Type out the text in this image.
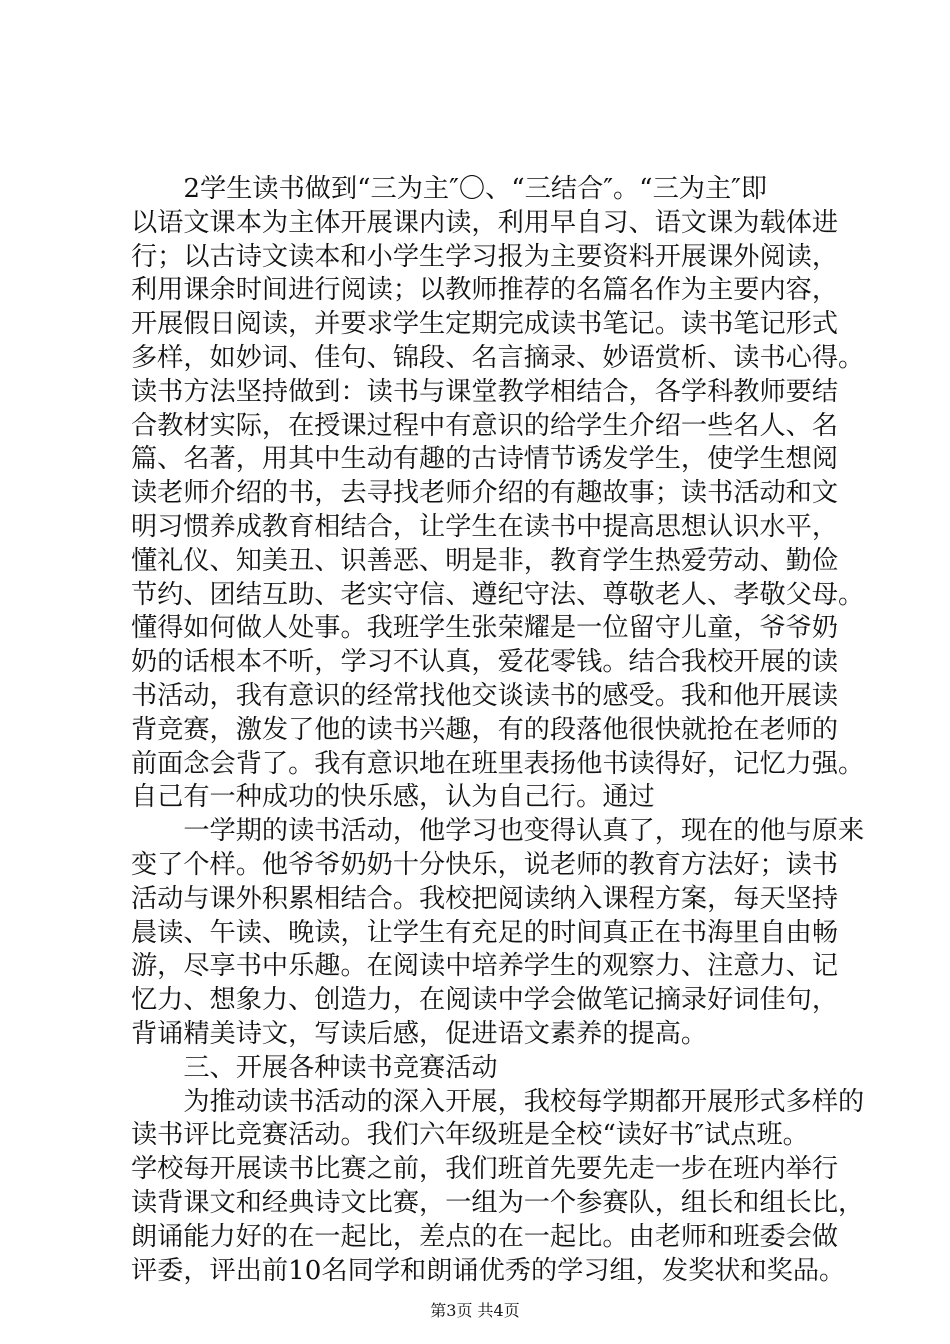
　　2学生读书做到“三为主″〇、“三结合″。“三为主″即
以语文课本为主体开展课内读，利用早自习、语文课为载体进
行；以古诗文读本和小学生学习报为主要资料开展课外阅读，
利用课余时间进行阅读；以教师推荐的名篇名作为主要内容，
开展假日阅读，并要求学生定期完成读书笔记。读书笔记形式
多样，如妙词、佳句、锦段、名言摘录、妙语赏析、读书心得。
读书方法坚持做到：读书与课堂教学相结合，各学科教师要结
合教材实际，在授课过程中有意识的给学生介绍一些名人、名
篇、名著，用其中生动有趣的古诗情节诱发学生，使学生想阅
读老师介绍的书，去寻找老师介绍的有趣故事；读书活动和文
明习惯养成教育相结合，让学生在读书中提高思想认识水平，
懂礼仪、知美丑、识善恶、明是非，教育学生热爱劳动、勤俭
节约、团结互助、老实守信、遵纪守法、尊敬老人、孝敬父母。
懂得如何做人处事。我班学生张荣耀是一位留守儿童，爷爷奶
奶的话根本不听，学习不认真，爱花零钱。结合我校开展的读
书活动，我有意识的经常找他交谈读书的感受。我和他开展读
背竞赛，激发了他的读书兴趣，有的段落他很快就抢在老师的
前面念会背了。我有意识地在班里表扬他书读得好，记忆力强。
自己有一种成功的快乐感，认为自己行。通过
　　一学期的读书活动，他学习也变得认真了，现在的他与原来
变了个样。他爷爷奶奶十分快乐，说老师的教育方法好；读书
活动与课外积累相结合。我校把阅读纳入课程方案，每天坚持
晨读、午读、晚读，让学生有充足的时间真正在书海里自由畅
游，尽享书中乐趣。在阅读中培养学生的观察力、注意力、记
忆力、想象力、创造力，在阅读中学会做笔记摘录好词佳句，
背诵精美诗文，写读后感，促进语文素养的提高。
　　三、开展各种读书竞赛活动
　　为推动读书活动的深入开展，我校每学期都开展形式多样的
读书评比竞赛活动。我们六年级班是全校“读好书″试点班。
学校每开展读书比赛之前，我们班首先要先走一步在班内举行
读背课文和经典诗文比赛，一组为一个参赛队，组长和组长比，
朗诵能力好的在一起比，差点的在一起比。由老师和班委会做
评委，评出前10名同学和朗诵优秀的学习组，发奖状和奖品。
第3页 共4页
